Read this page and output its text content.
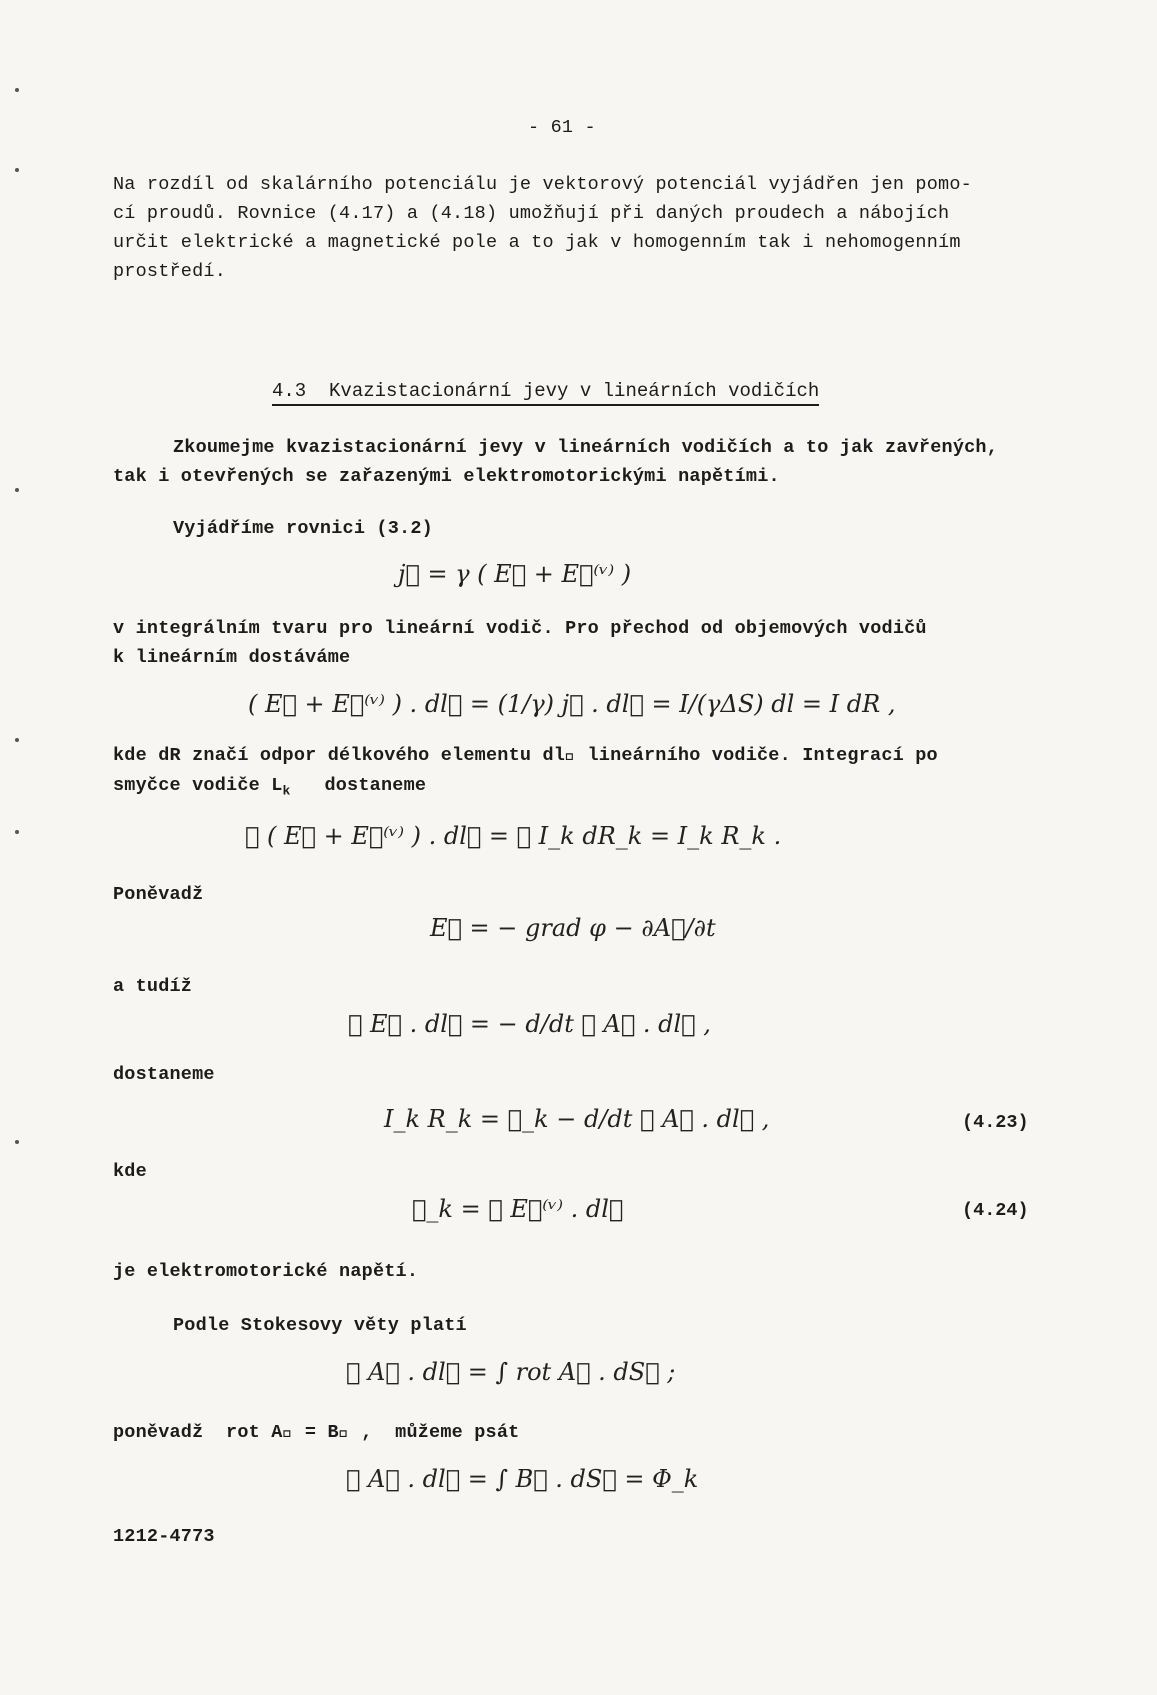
- 61 -
Na rozdíl od skalárního potenciálu je vektorový potenciál vyjádřen jen pomo-
cí proudů. Rovnice (4.17) a (4.18) umožňují při daných proudech a nábojích
určit elektrické a magnetické pole a to jak v homogenním tak i nehomogenním
prostředí.
4.3  Kvazistacionární jevy v lineárních vodičích
Zkoumejme kvazistacionární jevy v lineárních vodičích a to jak zavřených,
tak i otevřených se zařazenými elektromotorickými napětími.
Vyjádříme rovnici (3.2)
j⃗ = γ ( E⃗ + E⃗⁽ᵛ⁾ )
v integrálním tvaru pro lineární vodič. Pro přechod od objemových vodičů
k lineárním dostáváme
( E⃗ + E⃗⁽ᵛ⁾ ) . dl⃗ = (1/γ) j⃗ . dl⃗ = I/(γΔS) dl = I dR ,
kde dR značí odpor délkového elementu dl⃗ lineárního vodiče. Integrací po
smyčce vodiče $L_k$ dostaneme
∮ ( E⃗ + E⃗⁽ᵛ⁾ ) . dl⃗ = ∮ I_k dR_k = I_k R_k .
Poněvadž
E⃗ = − grad φ − ∂A⃗/∂t
a tudíž
∮ E⃗ . dl⃗ = − d/dt ∮ A⃗ . dl⃗ ,
dostaneme
I_k R_k = ℰ_k − d/dt ∮ A⃗ . dl⃗ ,	(4.23)
kde
ℰ_k = ∮ E⃗⁽ᵛ⁾ . dl⃗	(4.24)
je elektromotorické napětí.
Podle Stokesovy věty platí
∮ A⃗ . dl⃗ = ∫ rot A⃗ . dS⃗ ;
poněvadž  rot A⃗ = B⃗ ,  můžeme psát
∮ A⃗ . dl⃗ = ∫ B⃗ . dS⃗ = Φ_k
1212-4773
